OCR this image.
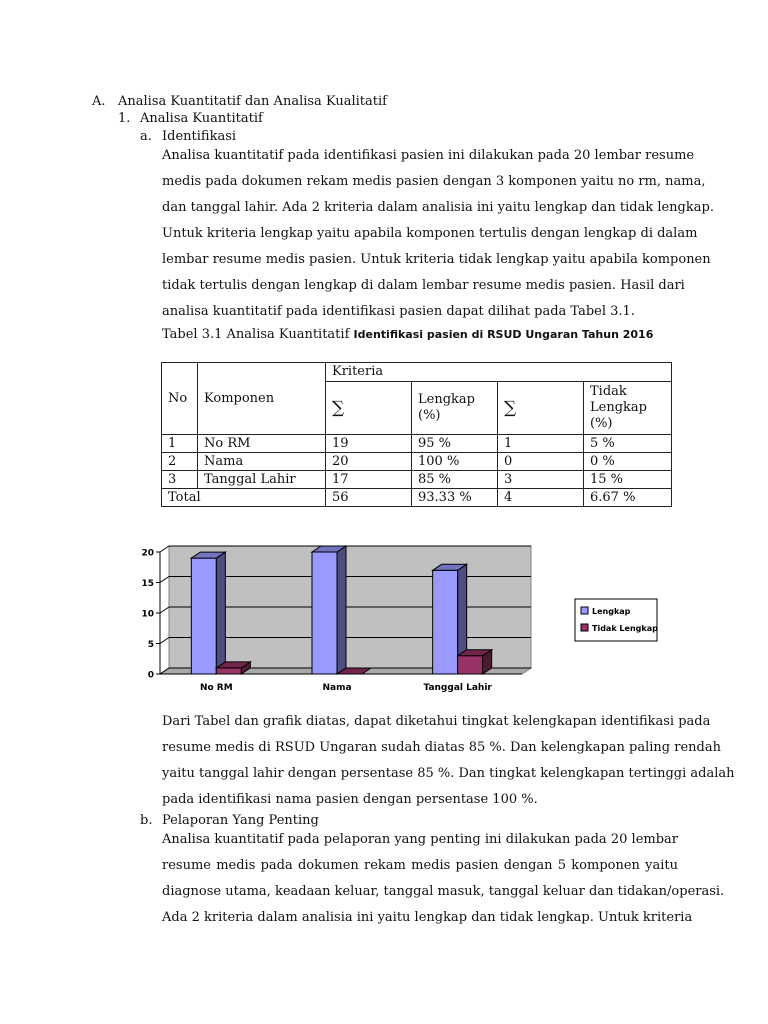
A. Analisa Kuantitatif dan Analisa Kualitatif
1. Analisa Kuantitatif
a. Identifikasi
Analisa kuantitatif pada identifikasi pasien ini dilakukan pada 20 lembar resume
medis pada dokumen rekam medis pasien dengan 3 komponen yaitu no rm, nama,
dan tanggal lahir. Ada 2 kriteria dalam analisia ini yaitu lengkap dan tidak lengkap.
Untuk kriteria lengkap yaitu apabila komponen tertulis dengan lengkap di dalam
lembar resume medis pasien. Untuk kriteria tidak lengkap yaitu apabila komponen
tidak tertulis dengan lengkap di dalam lembar resume medis pasien. Hasil dari
analisa kuantitatif pada identifikasi pasien dapat dilihat pada Tabel 3.1.
Tabel 3.1 Analisa Kuantitatif Identifikasi pasien di RSUD Ungaran Tahun 2016
No	Komponen	Kriteria			
		∑	Lengkap (%)	∑	Tidak Lengkap (%)
1	No RM	19	95 %	1	5 %
2	Nama	20	100 %	0	0 %
3	Tanggal Lahir	17	85 %	3	15 %
Total		56	93.33 %	4	6.67 %
0
5
10
15
20
No RM	Nama	Tanggal Lahir
Lengkap
Tidak Lengkap
Dari Tabel dan grafik diatas, dapat diketahui tingkat kelengkapan identifikasi pada
resume medis di RSUD Ungaran sudah diatas 85 %. Dan kelengkapan paling rendah
yaitu tanggal lahir dengan persentase 85 %. Dan tingkat kelengkapan tertinggi adalah
pada identifikasi nama pasien dengan persentase 100 %.
b. Pelaporan Yang Penting
Analisa kuantitatif pada pelaporan yang penting ini dilakukan pada 20 lembar
resume medis pada dokumen rekam medis pasien dengan 5 komponen yaitu
diagnose utama, keadaan keluar, tanggal masuk, tanggal keluar dan tidakan/operasi.
Ada 2 kriteria dalam analisia ini yaitu lengkap dan tidak lengkap. Untuk kriteria
